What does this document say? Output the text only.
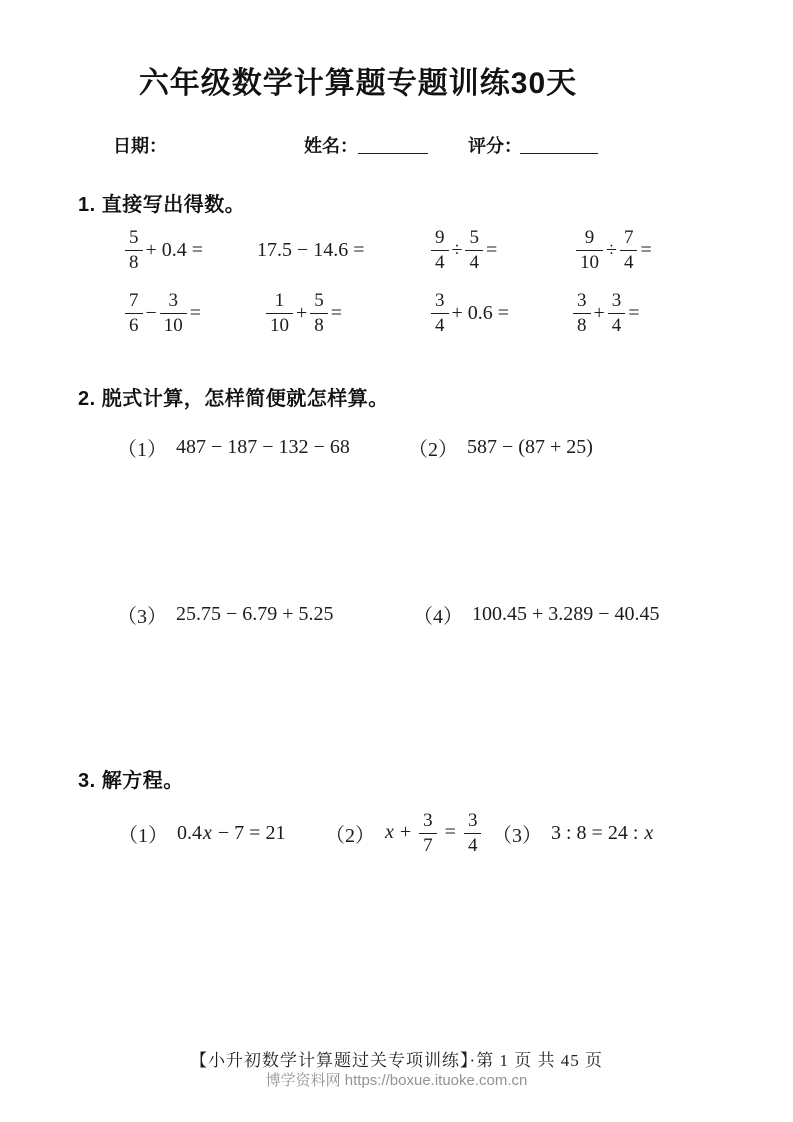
六年级数学计算题专题训练30天
日期：	姓名：	评分：
1. 直接写出得数。
$\frac{5}{8} + 0.4$ =	17.5 − 14.6 =	$\frac{9}{4} \div \frac{5}{4}$ =	$\frac{9}{10} \div \frac{7}{4}$ =
$\frac{7}{6} - \frac{3}{10}$ =	$\frac{1}{10} + \frac{5}{8}$ =	$\frac{3}{4} + 0.6$ =	$\frac{3}{8} + \frac{3}{4}$ =
2. 脱式计算，怎样简便就怎样算。
（1） 487 − 187 − 132 − 68	（2） 587 − (87 + 25)
（3） 25.75 − 6.79 + 5.25	（4） 100.45 + 3.289 − 40.45
3. 解方程。
（1） 0.4x − 7 = 21 （2） $x + \frac{3}{7} = \frac{3}{4} (3)$ 3 : 8 = 24 : x
【小升初数学计算题过关专项训练】·第 1 页 共 45 页
博学资料网 https://boxue.ituoke.com.cn
